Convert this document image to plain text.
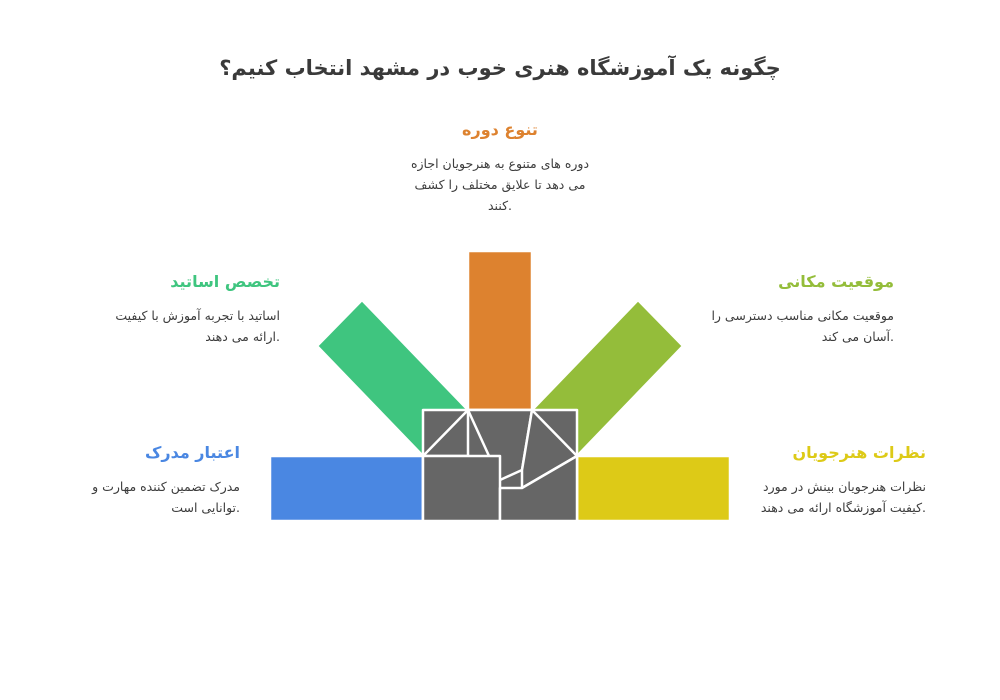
چگونه یک آموزشگاه هنری خوب در مشهد انتخاب کنیم؟
تنوع دوره
دوره های متنوع به هنرجویان اجازه
می دهد تا علایق مختلف را کشف
.کنند
تخصص اساتید
اساتید با تجربه آموزش با کیفیت
.ارائه می دهند
موقعیت مکانی
موقعیت مکانی مناسب دسترسی را
.آسان می کند
اعتبار مدرک
مدرک تضمین کننده مهارت و
.توانایی است
نظرات هنرجویان
نظرات هنرجویان بینش در مورد
.کیفیت آموزشگاه ارائه می دهند
